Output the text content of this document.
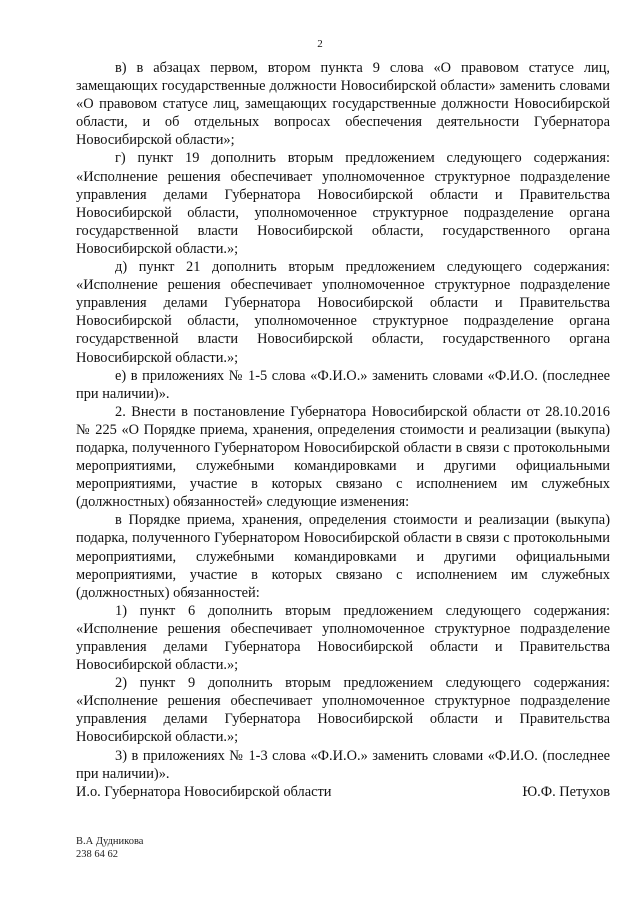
2

в) в абзацах первом, втором пункта 9 слова «О правовом статусе лиц, замещающих государственные должности Новосибирской области» заменить словами «О правовом статусе лиц, замещающих государственные должности Новосибирской области, и об отдельных вопросах обеспечения деятельности Губернатора Новосибирской области»;

г) пункт 19 дополнить вторым предложением следующего содержания: «Исполнение решения обеспечивает уполномоченное структурное подразделение управления делами Губернатора Новосибирской области и Правительства Новосибирской области, уполномоченное структурное подразделение органа государственной власти Новосибирской области, государственного органа Новосибирской области.»;

д) пункт 21 дополнить вторым предложением следующего содержания: «Исполнение решения обеспечивает уполномоченное структурное подразделение управления делами Губернатора Новосибирской области и Правительства Новосибирской области, уполномоченное структурное подразделение органа государственной власти Новосибирской области, государственного органа Новосибирской области.»;

е) в приложениях № 1-5 слова «Ф.И.О.» заменить словами «Ф.И.О. (последнее при наличии)».

2. Внести в постановление Губернатора Новосибирской области от 28.10.2016 № 225 «О Порядке приема, хранения, определения стоимости и реализации (выкупа) подарка, полученного Губернатором Новосибирской области в связи с протокольными мероприятиями, служебными командировками и другими официальными мероприятиями, участие в которых связано с исполнением им служебных (должностных) обязанностей» следующие изменения:

в Порядке приема, хранения, определения стоимости и реализации (выкупа) подарка, полученного Губернатором Новосибирской области в связи с протокольными мероприятиями, служебными командировками и другими официальными мероприятиями, участие в которых связано с исполнением им служебных (должностных) обязанностей:

1) пункт 6 дополнить вторым предложением следующего содержания: «Исполнение решения обеспечивает уполномоченное структурное подразделение управления делами Губернатора Новосибирской области и Правительства Новосибирской области.»;

2) пункт 9 дополнить вторым предложением следующего содержания: «Исполнение решения обеспечивает уполномоченное структурное подразделение управления делами Губернатора Новосибирской области и Правительства Новосибирской области.»;

3) в приложениях № 1-3 слова «Ф.И.О.» заменить словами «Ф.И.О. (последнее при наличии)».

И.о. Губернатора Новосибирской области	Ю.Ф. Петухов
В.А Дудникова
238 64 62
